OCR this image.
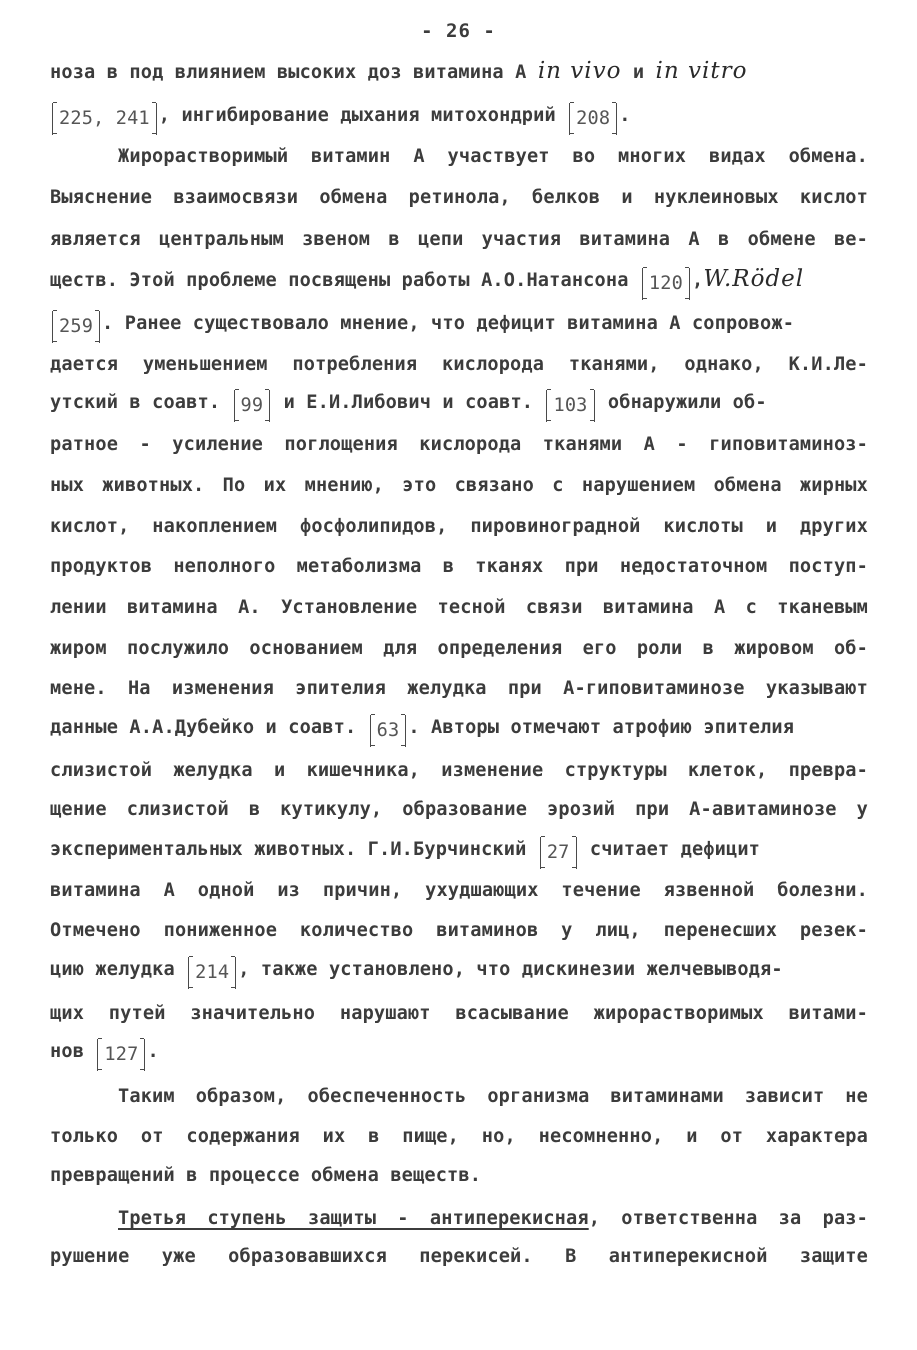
- 26 -
ноза в под влиянием высоких доз витамина А in vivo и in vitro
225, 241 , ингибирование дыхания митохондрий 208 .
Жирорастворимый витамин А участвует во многих видах обмена.
Выяснение взаимосвязи обмена ретинола, белков и нуклеиновых кислот
является центральным звеном в цепи участия витамина А в обмене ве-
ществ. Этой проблеме посвящены работы А.О.Натансона 120 ,W.Rödel
259 . Ранее существовало мнение, что дефицит витамина А сопровож-
дается уменьшением потребления кислорода тканями, однако, К.И.Ле-
утский в соавт. 99 и Е.И.Либович и соавт. 103 обнаружили об-
ратное - усиление поглощения кислорода тканями А - гиповитаминоз-
ных животных. По их мнению, это связано с нарушением обмена жирных
кислот, накоплением фосфолипидов, пировиноградной кислоты и других
продуктов неполного метаболизма в тканях при недостаточном поступ-
лении витамина А. Установление тесной связи витамина А с тканевым
жиром послужило основанием для определения его роли в жировом об-
мене. На изменения эпителия желудка при А-гиповитаминозе указывают
данные А.А.Дубейко и соавт. 63 . Авторы отмечают атрофию эпителия
слизистой желудка и кишечника, изменение структуры клеток, превра-
щение слизистой в кутикулу, образование эрозий при А-авитаминозе у
экспериментальных животных. Г.И.Бурчинский 27 считает дефицит
витамина А одной из причин, ухудшающих течение язвенной болезни.
Отмечено пониженное количество витаминов у лиц, перенесших резек-
цию желудка 214 , также установлено, что дискинезии желчевыводя-
щих путей значительно нарушают всасывание жирорастворимых витами-
нов 127 .
Таким образом, обеспеченность организма витаминами зависит не
только от содержания их в пище, но, несомненно, и от характера
превращений в процессе обмена веществ.
Третья ступень защиты - антиперекисная, ответственна за раз-
рушение уже образовавшихся перекисей. В антиперекисной защите
